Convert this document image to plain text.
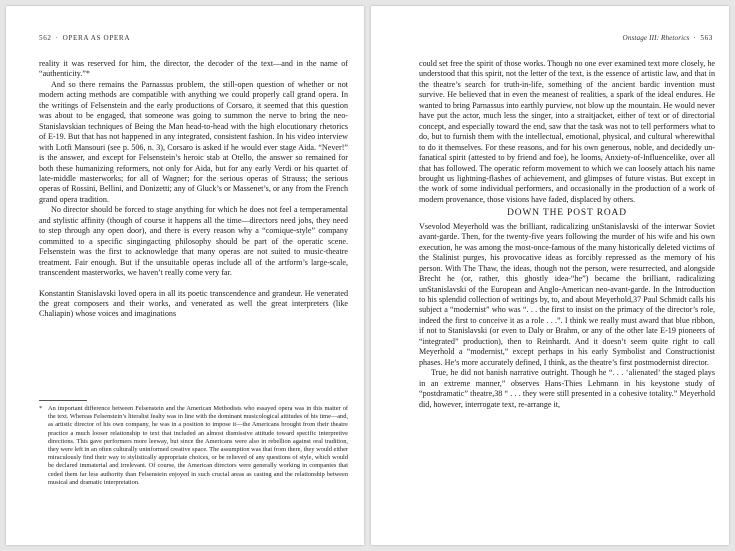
562 · OPERA AS OPERA

reality it was reserved for him, the director, the decoder of the text—and in the name of “authenticity.”*

And so there remains the Parnassus problem, the still-open question of whether or not modern acting methods are compatible with anything we could properly call grand opera. In the writings of Felsenstein and the early productions of Corsaro, it seemed that this question was about to be engaged, that someone was going to summon the nerve to bring the neo-Stanislavskian techniques of Being the Man head-to-head with the high elocutionary rhetorics of E-19. But that has not happened in any integrated, consistent fashion. In his video interview with Lotfi Mansouri (see p. 506, n. 3), Corsaro is asked if he would ever stage Aida. “Never!” is the answer, and except for Felsenstein’s heroic stab at Otello, the answer so remained for both these humanizing reformers, not only for Aida, but for any early Verdi or his quartet of late-middle masterworks; for all of Wagner; for the serious operas of Strauss; the serious operas of Rossini, Bellini, and Donizetti; any of Gluck’s or Massenet’s, or any from the French grand opera tradition.

No director should be forced to stage anything for which he does not feel a temperamental and stylistic affinity (though of course it happens all the time—directors need jobs, they need to step through any open door), and there is every reason why a “comique-style” company committed to a specific singingacting philosophy should be part of the operatic scene. Felsenstein was the first to acknowledge that many operas are not suited to music-theatre treatment. Fair enough. But if the unsuitable operas include all of the artform’s large-scale, transcendent masterworks, we haven’t really come very far.

Konstantin Stanislavski loved opera in all its poetic transcendence and grandeur. He venerated the great composers and their works, and venerated as well the great interpreters (like Chaliapin) whose voices and imaginations

* An important difference between Felsenstein and the American Methodists who essayed opera was in this matter of the text. Whereas Felsenstein’s literalist fealty was in line with the dominant musicological attitudes of his time—and, as artistic director of his own company, he was in a position to impose it—the Americans brought from their theatre practice a much looser relationship to text that included an almost dismissive attitude toward specific interpretive directions. This gave performers more leeway, but since the Americans were also in rebellion against oral tradition, they were left in an often culturally uninformed creative space. The assumption was that from there, they would either miraculously find their way to stylistically appropriate choices, or be relieved of any questions of style, which would be declared immaterial and irrelevant. Of course, the American directors were generally working in companies that ceded them far less authority than Felsenstein enjoyed in such crucial areas as casting and the relationship between musical and dramatic interpretation.
Onstage III: Rhetorics · 563

could set free the spirit of those works. Though no one ever examined text more closely, he understood that this spirit, not the letter of the text, is the essence of artistic law, and that in the theatre’s search for truth-in-life, something of the ancient bardic invention must survive. He believed that in even the meanest of realities, a spark of the ideal endures. He wanted to bring Parnassus into earthly purview, not blow up the mountain. He would never have put the actor, much less the singer, into a straitjacket, either of text or of directorial concept, and especially toward the end, saw that the task was not to tell performers what to do, but to furnish them with the intellectual, emotional, physical, and cultural wherewithal to do it themselves. For these reasons, and for his own generous, noble, and decidedly un-fanatical spirit (attested to by friend and foe), he looms, Anxiety-of-Influencelike, over all that has followed. The operatic reform movement to which we can loosely attach his name brought us lightning-flashes of achievement, and glimpses of future vistas. But except in the work of some individual performers, and occasionally in the production of a work of modern provenance, those visions have faded, displaced by others.

DOWN THE POST ROAD

Vsevolod Meyerhold was the brilliant, radicalizing unStanislavski of the interwar Soviet avant-garde. Then, for the twenty-five years following the murder of his wife and his own execution, he was among the most-once-famous of the many historically deleted victims of the Stalinist purges, his provocative ideas as forcibly repressed as the memory of his person. With The Thaw, the ideas, though not the person, were resurrected, and alongside Brecht he (or, rather, this ghostly idea-“he”) became the brilliant, radicalizing unStanislavski of the European and Anglo-American neo-avant-garde. In the Introduction to his splendid collection of writings by, to, and about Meyerhold,37 Paul Schmidt calls his subject a “modernist” who was “. . . the first to insist on the primacy of the director’s role, indeed the first to conceive it as a role . . .”. I think we really must award that blue ribbon, if not to Stanislavski (or even to Daly or Brahm, or any of the other late E-19 pioneers of “integrated” production), then to Reinhardt. And it doesn’t seem quite right to call Meyerhold a “modernist,” except perhaps in his early Symbolist and Constructionist phases. He’s more accurately defined, I think, as the theatre’s first postmodernist director.

True, he did not banish narrative outright. Though he “. . . ‘alienated’ the staged plays in an extreme manner,” observes Hans-Thies Lehmann in his keystone study of “postdramatic” theatre,38 “ . . . they were still presented in a cohesive totality.” Meyerhold did, however, interrogate text, re-arrange it,
